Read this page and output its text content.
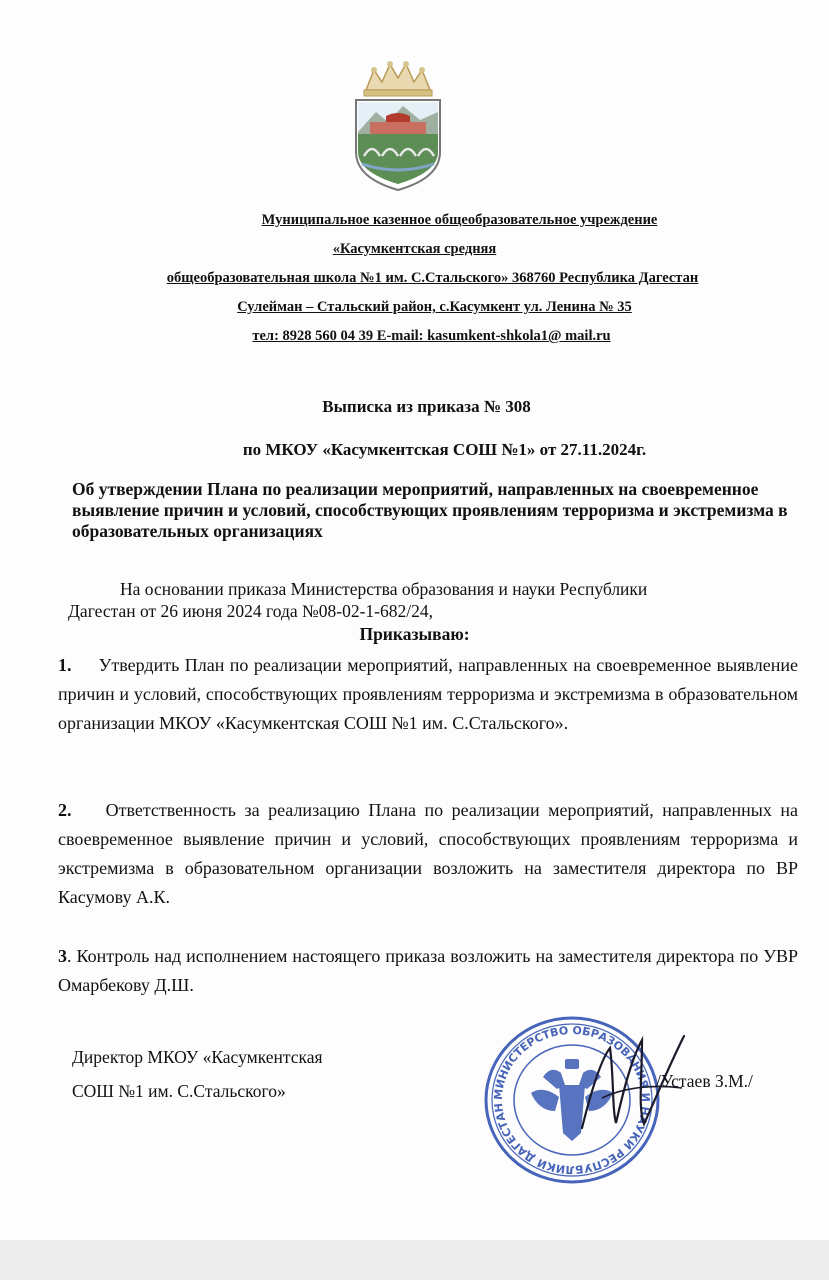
Муниципальное казенное общеобразовательное учреждение
«Касумкентская средняя
общеобразовательная школа №1 им. С.Стальского» 368760 Республика Дагестан
Сулейман – Стальский район, с.Касумкент ул. Ленина № 35
тел: 8928 560 04 39 E-mail: kasumkent-shkola1@ mail.ru
Выписка из приказа № 308
по МКОУ «Касумкентская СОШ №1» от 27.11.2024г.
Об утверждении Плана по реализации мероприятий, направленных на своевременное выявление причин и условий, способствующих проявлениям терроризма и экстремизма в образовательных организациях
На основании приказа Министерства образования и науки Республики
Дагестан от 26 июня 2024 года №08-02-1-682/24,
Приказываю:
1. Утвердить План по реализации мероприятий, направленных на своевременное выявление причин и условий, способствующих проявлениям терроризма и экстремизма в образовательном организации МКОУ «Касумкентская СОШ №1 им. С.Стальского».
2. Ответственность за реализацию Плана по реализации мероприятий, направленных на своевременное выявление причин и условий, способствующих проявлениям терроризма и экстремизма в образовательном организации возложить на заместителя директора по ВР Касумову А.К.
3. Контроль над исполнением настоящего приказа возложить на заместителя директора по УВР Омарбекову Д.Ш.
Директор МКОУ «Касумкентская
СОШ №1 им. С.Стальского»	МИНИСТЕРСТВО ОБРАЗОВАНИЯ И НАУКИ РЕСПУБЛИКИ ДАГЕСТАН
/Устаев З.М./
